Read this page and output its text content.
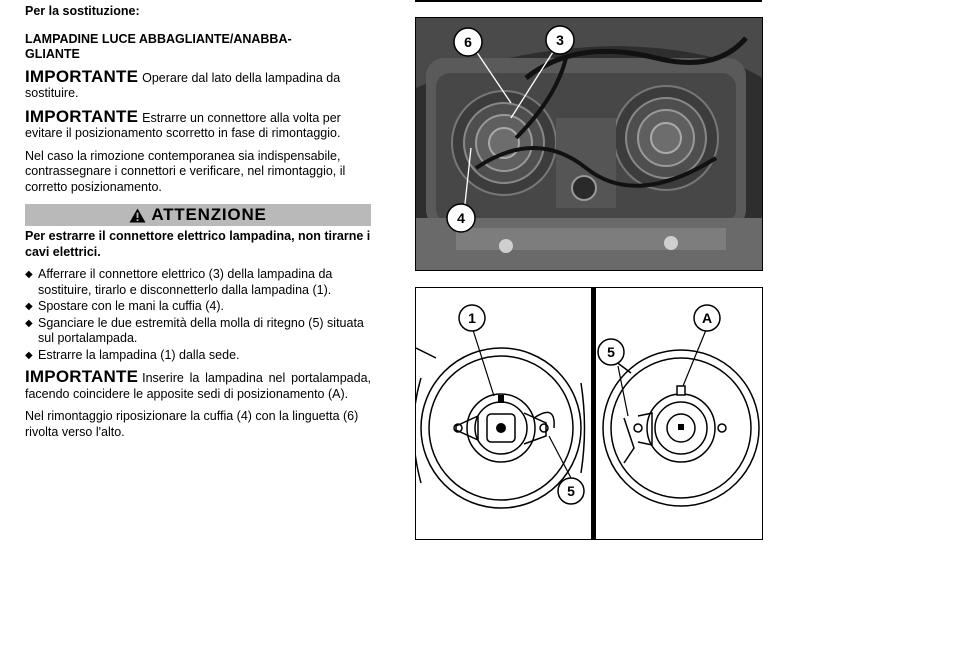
Per la sostituzione:

LAMPADINE LUCE ABBAGLIANTE/ANABBA-
GLIANTE

IMPORTANTE Operare dal lato della lampadina da sostituire.

IMPORTANTE Estrarre un connettore alla volta per evitare il posizionamento scorretto in fase di rimontaggio.

Nel caso la rimozione contemporanea sia indispensabile, contrassegnare i connettori e verificare, nel rimontaggio, il corretto posizionamento.

ATTENZIONE

Per estrarre il connettore elettrico lampadina, non tirarne i cavi elettrici.

◆ Afferrare il connettore elettrico (3) della lampadina da sostituire, tirarlo e disconnetterlo dalla lampadina (1).
◆ Spostare con le mani la cuffia (4).
◆ Sganciare le due estremità della molla di ritegno (5) situata sul portalampada.
◆ Estrarre la lampadina (1) dalla sede.

IMPORTANTE Inserire la lampadina nel portalampada, facendo coincidere le apposite sedi di posizionamento (A).

Nel rimontaggio riposizionare la cuffia (4) con la linguetta (6) rivolta verso l'alto.

6	3
4
1
5
A
5
